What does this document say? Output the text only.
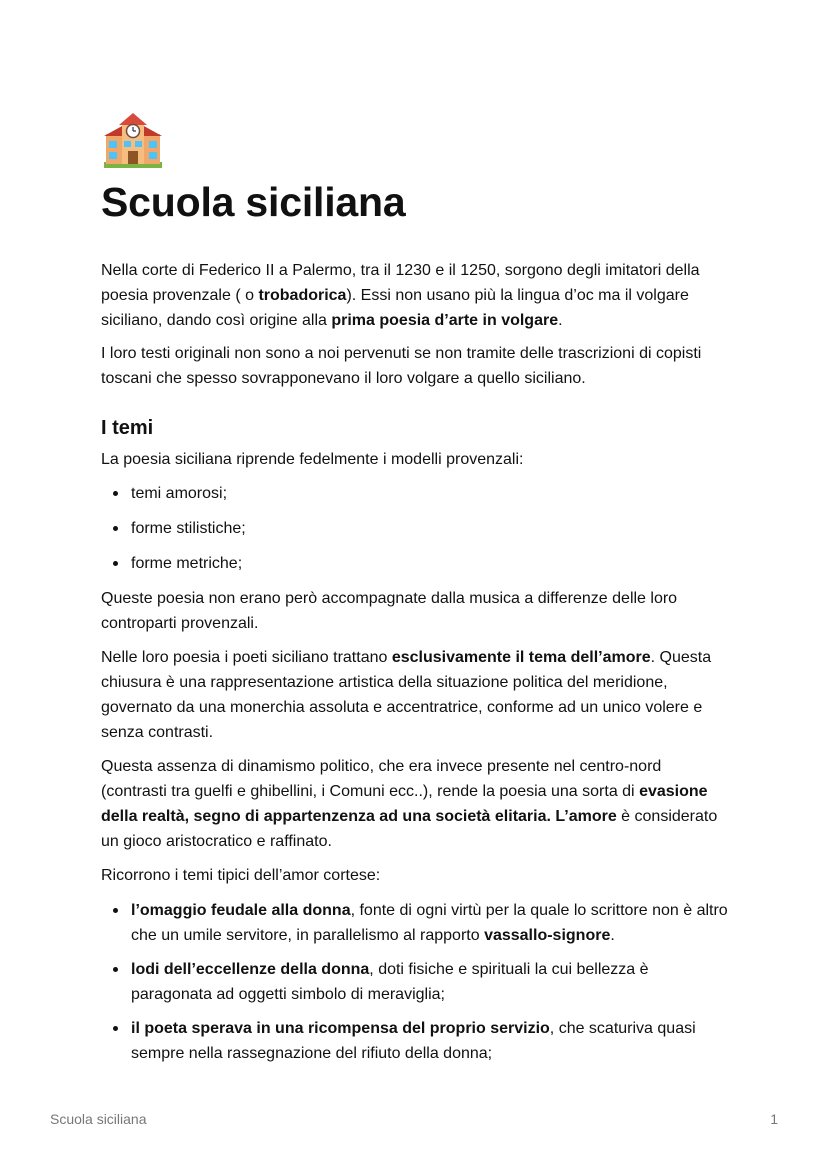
Scuola siciliana

Nella corte di Federico II a Palermo, tra il 1230 e il 1250, sorgono degli imitatori della poesia provenzale ( o trobadorica). Essi non usano più la lingua d’oc ma il volgare siciliano, dando così origine alla prima poesia d’arte in volgare.

I loro testi originali non sono a noi pervenuti se non tramite delle trascrizioni di copisti toscani che spesso sovrapponevano il loro volgare a quello siciliano.

I temi

La poesia siciliana riprende fedelmente i modelli provenzali:

temi amorosi;
forme stilistiche;
forme metriche;

Queste poesia non erano però accompagnate dalla musica a differenze delle loro controparti provenzali.

Nelle loro poesia i poeti siciliano trattano esclusivamente il tema dell’amore. Questa chiusura è una rappresentazione artistica della situazione politica del meridione, governato da una monerchia assoluta e accentratrice, conforme ad un unico volere e senza contrasti.

Questa assenza di dinamismo politico, che era invece presente nel centro-nord (contrasti tra guelfi e ghibellini, i Comuni ecc..), rende la poesia una sorta di evasione della realtà, segno di appartenzenza ad una società elitaria. L’amore è considerato un gioco aristocratico e raffinato.

Ricorrono i temi tipici dell’amor cortese:

l’omaggio feudale alla donna, fonte di ogni virtù per la quale lo scrittore non è altro che un umile servitore, in parallelismo al rapporto vassallo-signore.
lodi dell’eccellenze della donna, doti fisiche e spirituali la cui bellezza è paragonata ad oggetti simbolo di meraviglia;
il poeta sperava in una ricompensa del proprio servizio, che scaturiva quasi sempre nella rassegnazione del rifiuto della donna;
Scuola siciliana	1
